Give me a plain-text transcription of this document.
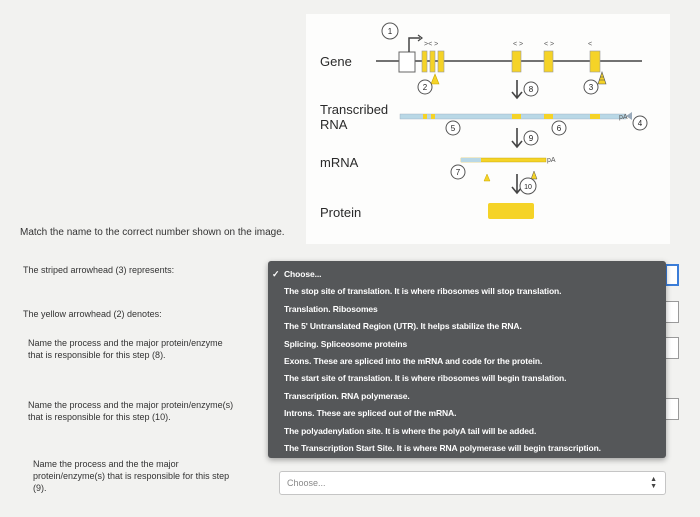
>< >	< >	< >	<
pA
pA
1
2	3
4
5	6
7
8
9
10
Gene
Transcribed
RNA
mRNA
Protein
Match the name to the correct number shown on the image.
The striped arrowhead (3) represents:
The yellow arrowhead (2) denotes:
Name the process and the major protein/enzyme
that is responsible for this step (8).
Name the process and the major protein/enzyme(s)
that is responsible for this step (10).
Name the process and the the major
protein/enzyme(s) that is responsible for this step
(9).
✓ Choose...
The stop site of translation. It is where ribosomes will stop translation.
Translation. Ribosomes
The 5' Untranslated Region (UTR). It helps stabilize the RNA.
Splicing. Spliceosome proteins
Exons. These are spliced into the mRNA and code for the protein.
The start site of translation. It is where ribosomes will begin translation.
Transcription. RNA polymerase.
Introns. These are spliced out of the mRNA.
The polyadenylation site. It is where the polyA tail will be added.
The Transcription Start Site. It is where RNA polymerase will begin transcription.
Choose...	▲
▼
